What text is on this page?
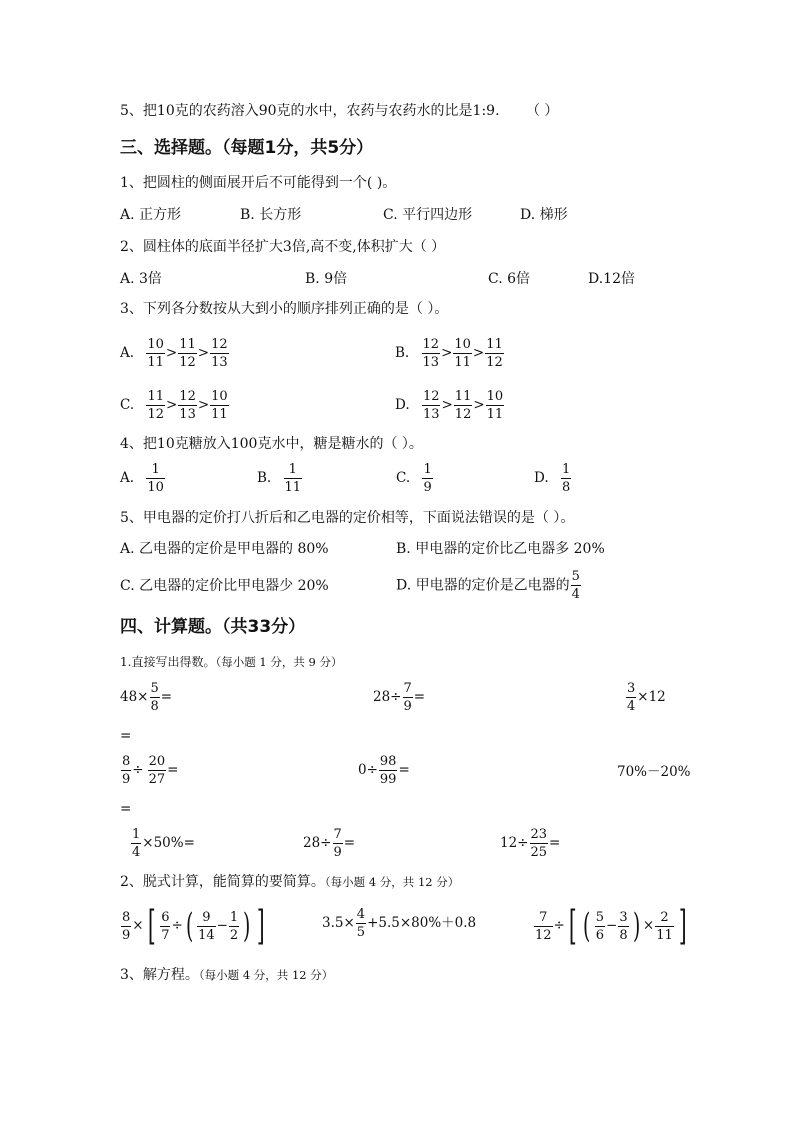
5、把10克的农药溶入90克的水中，农药与农药水的比是1:9. （ ）
三、选择题。（每题1分，共5分）
1、把圆柱的侧面展开后不可能得到一个( )。
A. 正方形	B. 长方形	C. 平行四边形	D. 梯形
2、圆柱体的底面半径扩大3倍,高不变,体积扩大（ ）
A. 3倍	B. 9倍	C. 6倍	D.12倍
3、下列各分数按从大到小的顺序排列正确的是（ ）。
A. $\frac{10}{11} > \frac{11}{12} > \frac{12}{13}$	B. $\frac{12}{13} > \frac{10}{11} > \frac{11}{12}$
C. $\frac{11}{12} > \frac{12}{13} > \frac{10}{11}$	D. $\frac{12}{13} > \frac{11}{12} > \frac{10}{11}$
4、把10克糖放入100克水中，糖是糖水的（ ）。
A. $\frac{1}{10}$	B. $\frac{1}{11}$	C. $\frac{1}{9}$	D. $\frac{1}{8}$
5、甲电器的定价打八折后和乙电器的定价相等，下面说法错误的是（ ）。
A. 乙电器的定价是甲电器的 80%	B. 甲电器的定价比乙电器多 20%
C. 乙电器的定价比甲电器少 20%	D. 甲电器的定价是乙电器的 $\frac{5}{4}$
四、计算题。（共33分）
1.直接写出得数。（每小题 1 分，共 9 分）
$48\times \frac{5}{8}$ =	$28\div \frac{7}{9}$ =	$\frac{3}{4} \times 12$
=
$\frac{8}{9} \div \frac{20}{27}$ =	$0\div \frac{98}{99}$ =	70%－20%
=
$\frac{1}{4} \times 50\%=$	$28\div \frac{7}{9}$ =	$12\div \frac{23}{25}$ =
2、脱式计算，能简算的要简算。（每小题 4 分，共 12 分）
$\frac{8}{9}$ ×[ $\frac{6}{7}$ ÷( $\frac{9}{14} - \frac{1}{2}$ ) ]	$3.5\times \frac{4}{5} +5.5\times 80\%+0.8$	$\frac{7}{12}$ ÷[ ( $\frac{5}{6} - \frac{3}{8}$ ) × $\frac{2}{11}$ ]
3、解方程。（每小题 4 分，共 12 分）
